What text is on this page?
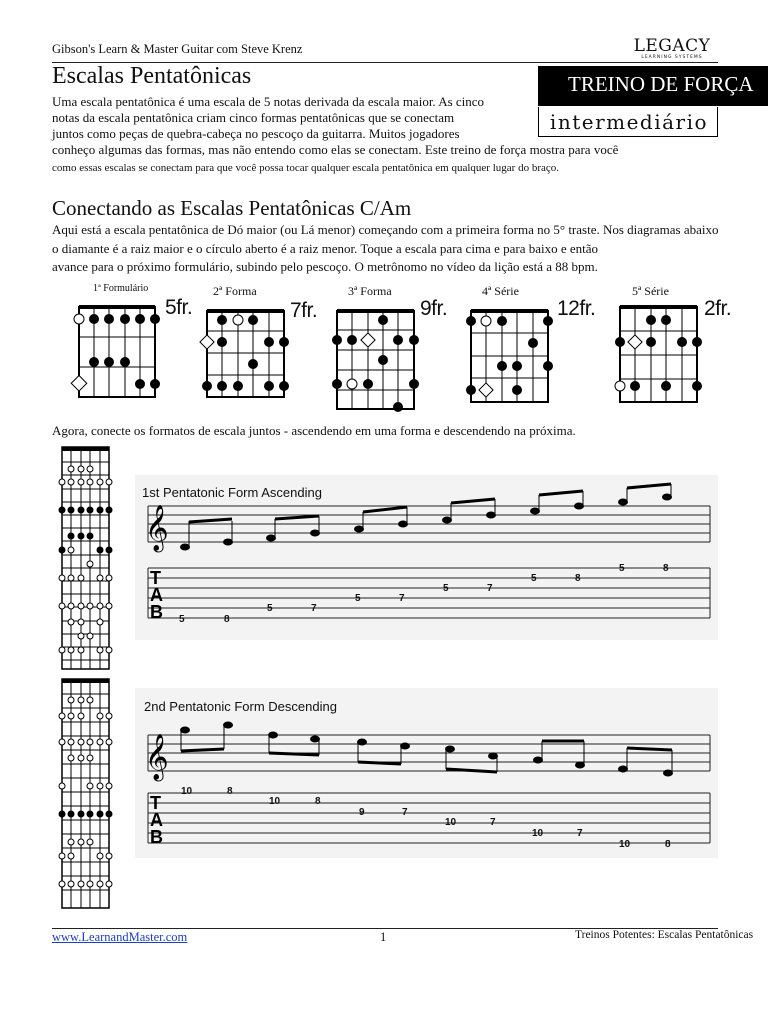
Gibson's Learn & Master Guitar com Steve Krenz	LEGACY
LEARNING SYSTEMS
Escalas Pentatônicas	TREINO DE FORÇA
intermediário
Uma escala pentatônica é uma escala de 5 notas derivada da escala maior. As cinco
notas da escala pentatônica criam cinco formas pentatônicas que se conectam
juntos como peças de quebra-cabeça no pescoço da guitarra. Muitos jogadores
conheço algumas das formas, mas não entendo como elas se conectam. Este treino de força mostra para você
como essas escalas se conectam para que você possa tocar qualquer escala pentatônica em qualquer lugar do braço.
Conectando as Escalas Pentatônicas C/Am
Aqui está a escala pentatônica de Dó maior (ou Lá menor) começando com a primeira forma no 5° traste. Nos diagramas abaixo
o diamante é a raiz maior e o círculo aberto é a raiz menor. Toque a escala para cima e para baixo e então
avance para o próximo formulário, subindo pelo pescoço. O metrônomo no vídeo da lição está a 88 bpm.
1ª Formulário
5fr.
2ª Forma
7fr.
3ª Forma
9fr.
4ª Série
12fr.
5ª Série
2fr.
Agora, conecte os formatos de escala juntos - ascendendo em uma forma e descendendo na próxima.
𝄞
T
A
B
𝄞
T
A
B
1st Pentatonic Form Ascending
2nd Pentatonic Form Descending
5	8
5	7
5	7
5	7
5	8
5	8
10	8
10	8
9	7
10	7
10	7
10	8
www.LearnandMaster.com	1	Treinos Potentes: Escalas Pentatônicas
